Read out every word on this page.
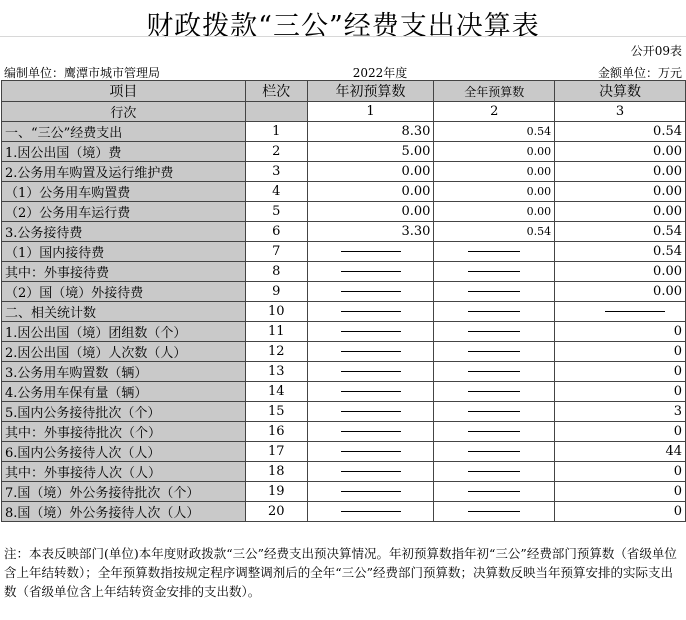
财政拨款“三公”经费支出决算表
公开09表
编制单位：鹰潭市城市管理局	2022年度	金额单位：万元
项目	栏次	年初预算数	全年预算数	决算数
行次		1	2	3
一、“三公”经费支出	1	8.30	0.54	0.54
1.因公出国（境）费	2	5.00	0.00	0.00
2.公务用车购置及运行维护费	3	0.00	0.00	0.00
（1）公务用车购置费	4	0.00	0.00	0.00
（2）公务用车运行费	5	0.00	0.00	0.00
3.公务接待费	6	3.30	0.54	0.54
（1）国内接待费	7			0.54
其中：外事接待费	8			0.00
（2）国（境）外接待费	9			0.00
二、相关统计数	10			
1.因公出国（境）团组数（个）	11			0
2.因公出国（境）人次数（人）	12			0
3.公务用车购置数（辆）	13			0
4.公务用车保有量（辆）	14			0
5.国内公务接待批次（个）	15			3
其中：外事接待批次（个）	16			0
6.国内公务接待人次（人）	17			44
其中：外事接待人次（人）	18			0
7.国（境）外公务接待批次（个）	19			0
8.国（境）外公务接待人次（人）	20			0
注：本表反映部门(单位)本年度财政拨款“三公”经费支出预决算情况。年初预算数指年初“三公”经费部门预算数（省级单位含上年结转数）；全年预算数指按规定程序调整调剂后的全年“三公”经费部门预算数；决算数反映当年预算安排的实际支出数（省级单位含上年结转资金安排的支出数）。
